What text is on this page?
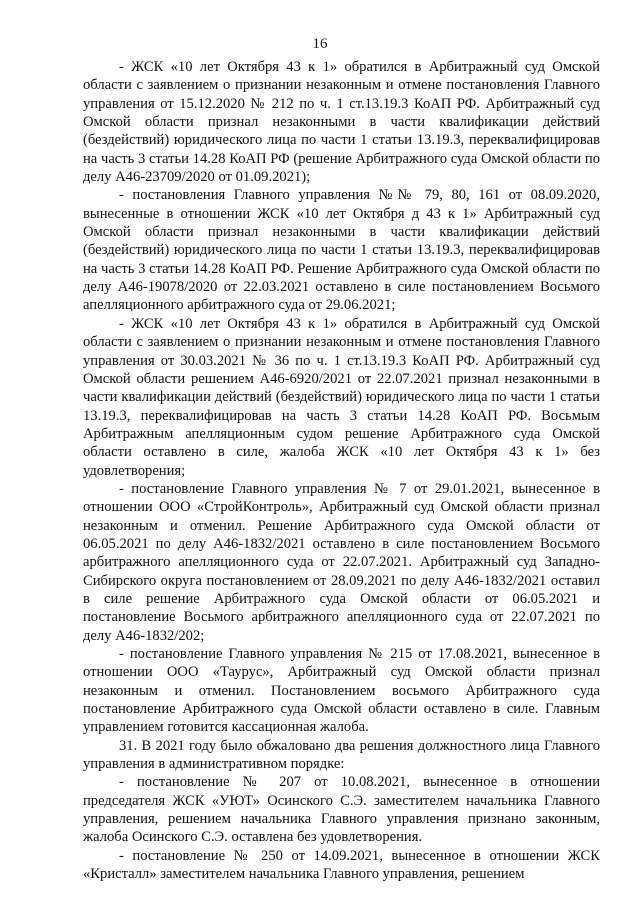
16

- ЖСК «10 лет Октября 43 к 1» обратился в Арбитражный суд Омской области с заявлением о признании незаконным и отмене постановления Главного управления от 15.12.2020 № 212 по ч. 1 ст.13.19.3 КоАП РФ. Арбитражный суд Омской области признал незаконными в части квалификации действий (бездействий) юридического лица по части 1 статьи 13.19.3, переквалифицировав на часть 3 статьи 14.28 КоАП РФ (решение Арбитражного суда Омской области по делу А46-23709/2020 от 01.09.2021);

- постановления Главного управления №№ 79, 80, 161 от 08.09.2020, вынесенные в отношении ЖСК «10 лет Октября д 43 к 1» Арбитражный суд Омской области признал незаконными в части квалификации действий (бездействий) юридического лица по части 1 статьи 13.19.3, переквалифицировав на часть 3 статьи 14.28 КоАП РФ. Решение Арбитражного суда Омской области по делу А46-19078/2020 от 22.03.2021 оставлено в силе постановлением Восьмого апелляционного арбитражного суда от 29.06.2021;

- ЖСК «10 лет Октября 43 к 1» обратился в Арбитражный суд Омской области с заявлением о признании незаконным и отмене постановления Главного управления от 30.03.2021 № 36 по ч. 1 ст.13.19.3 КоАП РФ. Арбитражный суд Омской области решением А46-6920/2021 от 22.07.2021 признал незаконными в части квалификации действий (бездействий) юридического лица по части 1 статьи 13.19.3, переквалифицировав на часть 3 статьи 14.28 КоАП РФ. Восьмым Арбитражным апелляционным судом решение Арбитражного суда Омской области оставлено в силе, жалоба ЖСК «10 лет Октября 43 к 1» без удовлетворения;

- постановление Главного управления № 7 от 29.01.2021, вынесенное в отношении ООО «СтройКонтроль», Арбитражный суд Омской области признал незаконным и отменил. Решение Арбитражного суда Омской области от 06.05.2021 по делу А46-1832/2021 оставлено в силе постановлением Восьмого арбитражного апелляционного суда от 22.07.2021. Арбитражный суд Западно-Сибирского округа постановлением от 28.09.2021 по делу А46-1832/2021 оставил в силе решение Арбитражного суда Омской области от 06.05.2021 и постановление Восьмого арбитражного апелляционного суда от 22.07.2021 по делу А46-1832/202;

- постановление Главного управления № 215 от 17.08.2021, вынесенное в отношении ООО «Таурус», Арбитражный суд Омской области признал незаконным и отменил. Постановлением восьмого Арбитражного суда постановление Арбитражного суда Омской области оставлено в силе. Главным управлением готовится кассационная жалоба.

31. В 2021 году было обжаловано два решения должностного лица Главного управления в административном порядке:

- постановление № 207 от 10.08.2021, вынесенное в отношении председателя ЖСК «УЮТ» Осинского С.Э. заместителем начальника Главного управления, решением начальника Главного управления признано законным, жалоба Осинского С.Э. оставлена без удовлетворения.

- постановление № 250 от 14.09.2021, вынесенное в отношении ЖСК «Кристалл» заместителем начальника Главного управления, решением
